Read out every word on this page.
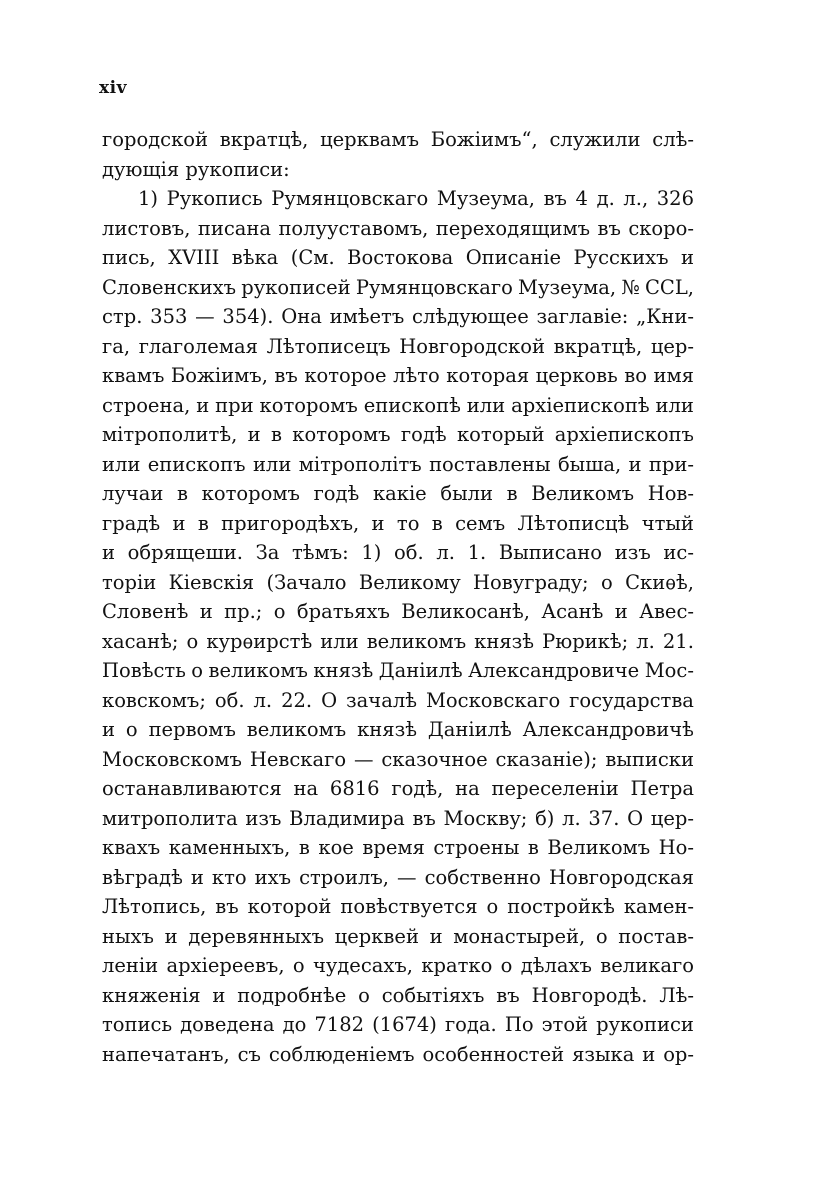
xiv
городской вкратцѣ, церквамъ Божіимъ“, служили слѣ-
дующія рукописи:
1) Рукопись Румянцовскаго Музеума, въ 4 д. л., 326
листовъ, писана полууставомъ, переходящимъ въ скоро-
пись, XVIII вѣка (См. Востокова Описаніе Русскихъ и
Словенскихъ рукописей Румянцовскаго Музеума, № CCL,
стр. 353 — 354). Она имѣетъ слѣдующее заглавіе: „Кни-
га, глаголемая Лѣтописецъ Новгородской вкратцѣ, цер-
квамъ Божіимъ, въ которое лѣто которая церковь во имя
строена, и при которомъ епископѣ или архіепископѣ или
мітрополитѣ, и в которомъ годѣ который архіепископъ
или епископъ или мітрополітъ поставлены быша, и при-
лучаи в которомъ годѣ какіе были в Великомъ Нов-
градѣ и в пригородѣхъ, и то в семъ Лѣтописцѣ чтый
и обрящеши. За тѣмъ: 1) об. л. 1. Выписано изъ ис-
торіи Кіевскія (Зачало Великому Новуграду; о Скиѳѣ,
Словенѣ и пр.; о братьяхъ Великосанѣ, Асанѣ и Авес-
хасанѣ; о курѳирстѣ или великомъ князѣ Рюрикѣ; л. 21.
Повѣсть о великомъ князѣ Даніилѣ Александровиче Мос-
ковскомъ; об. л. 22. О зачалѣ Московскаго государства
и о первомъ великомъ князѣ Даніилѣ Александровичѣ
Московскомъ Невскаго — сказочное сказаніе); выписки
останавливаются на 6816 годѣ, на переселеніи Петра
митрополита изъ Владимира въ Москву; б) л. 37. О цер-
квахъ каменныхъ, в кое время строены в Великомъ Но-
вѣградѣ и кто ихъ строилъ, — собственно Новгородская
Лѣтопись, въ которой повѣствуется о постройкѣ камен-
ныхъ и деревянныхъ церквей и монастырей, о постав-
леніи архіереевъ, о чудесахъ, кратко о дѣлахъ великаго
княженія и подробнѣе о событіяхъ въ Новгородѣ. Лѣ-
топись доведена до 7182 (1674) года. По этой рукописи
напечатанъ, съ соблюденіемъ особенностей языка и ор-
